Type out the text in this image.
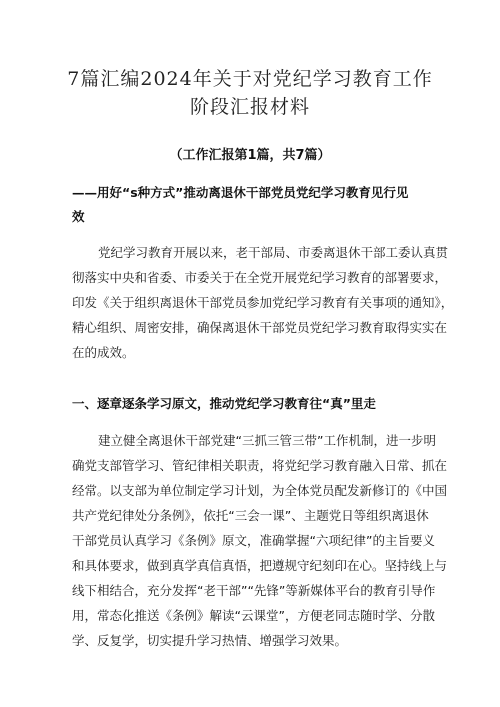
7篇汇编2024年关于对党纪学习教育工作
阶段汇报材料
（工作汇报第1篇，共7篇）
——用好“s种方式”推动离退休干部党员党纪学习教育见行见
效
党纪学习教育开展以来，老干部局、市委离退休干部工委认真贯
彻落实中央和省委、市委关于在全党开展党纪学习教育的部署要求，
印发《关于组织离退休干部党员参加党纪学习教育有关事项的通知》，
精心组织、周密安排，确保离退休干部党员党纪学习教育取得实实在
在的成效。
一、逐章逐条学习原文，推动党纪学习教育往“真”里走
建立健全离退休干部党建“三抓三管三带”工作机制，进一步明
确党支部管学习、管纪律相关职责，将党纪学习教育融入日常、抓在
经常。以支部为单位制定学习计划，为全体党员配发新修订的《中国
共产党纪律处分条例》，依托“三会一课”、主题党日等组织离退休
干部党员认真学习《条例》原文，准确掌握“六项纪律”的主旨要义
和具体要求，做到真学真信真悟，把遵规守纪刻印在心。坚持线上与
线下相结合，充分发挥“老干部”“先锋”等新媒体平台的教育引导作
用，常态化推送《条例》解读“云课堂”，方便老同志随时学、分散
学、反复学，切实提升学习热情、增强学习效果。
